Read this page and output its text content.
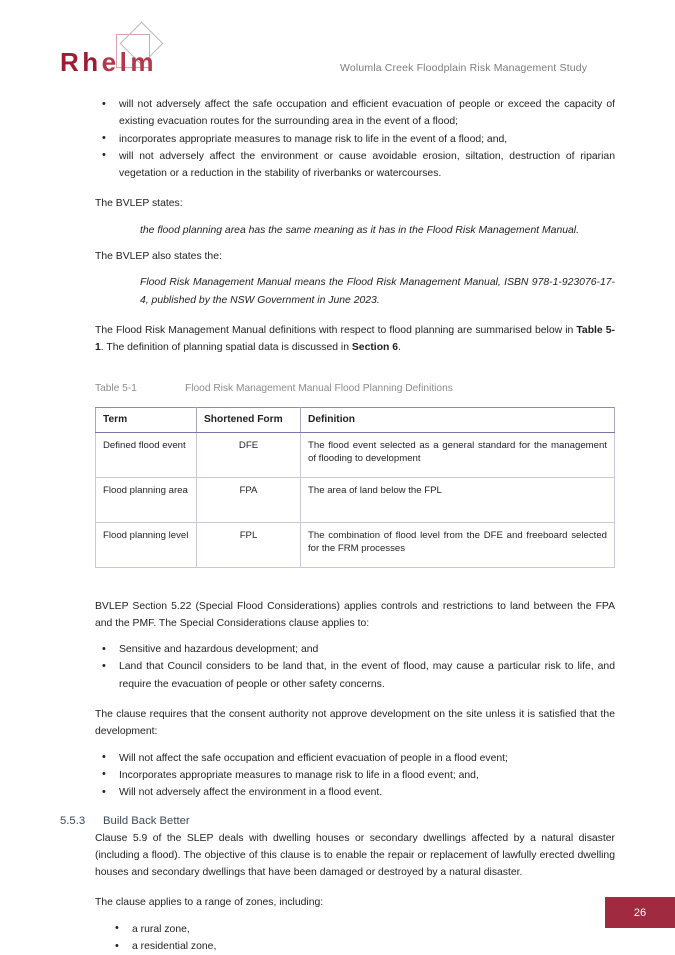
Rhelm	Wolumla Creek Floodplain Risk Management Study
• will not adversely affect the safe occupation and efficient evacuation of people or exceed the capacity of existing evacuation routes for the surrounding area in the event of a flood;
• incorporates appropriate measures to manage risk to life in the event of a flood; and,
• will not adversely affect the environment or cause avoidable erosion, siltation, destruction of riparian vegetation or a reduction in the stability of riverbanks or watercourses.

The BVLEP states:

the flood planning area has the same meaning as it has in the Flood Risk Management Manual.

The BVLEP also states the:

Flood Risk Management Manual means the Flood Risk Management Manual, ISBN 978-1-923076-17-4, published by the NSW Government in June 2023.

The Flood Risk Management Manual definitions with respect to flood planning are summarised below in Table 5-1. The definition of planning spatial data is discussed in Section 6.

Table 5-1	Flood Risk Management Manual Flood Planning Definitions
Term	Shortened Form	Definition
Defined flood event	DFE	The flood event selected as a general standard for the management of flooding to development
Flood planning area	FPA	The area of land below the FPL
Flood planning level	FPL	The combination of flood level from the DFE and freeboard selected for the FRM processes

BVLEP Section 5.22 (Special Flood Considerations) applies controls and restrictions to land between the FPA and the PMF. The Special Considerations clause applies to:

• Sensitive and hazardous development; and
• Land that Council considers to be land that, in the event of flood, may cause a particular risk to life, and require the evacuation of people or other safety concerns.

The clause requires that the consent authority not approve development on the site unless it is satisfied that the development:

• Will not affect the safe occupation and efficient evacuation of people in a flood event;
• Incorporates appropriate measures to manage risk to life in a flood event; and,
• Will not adversely affect the environment in a flood event.
5.5.3	Build Back Better

Clause 5.9 of the SLEP deals with dwelling houses or secondary dwellings affected by a natural disaster (including a flood). The objective of this clause is to enable the repair or replacement of lawfully erected dwelling houses and secondary dwellings that have been damaged or destroyed by a natural disaster.

The clause applies to a range of zones, including:

• a rural zone,
• a residential zone,
26
